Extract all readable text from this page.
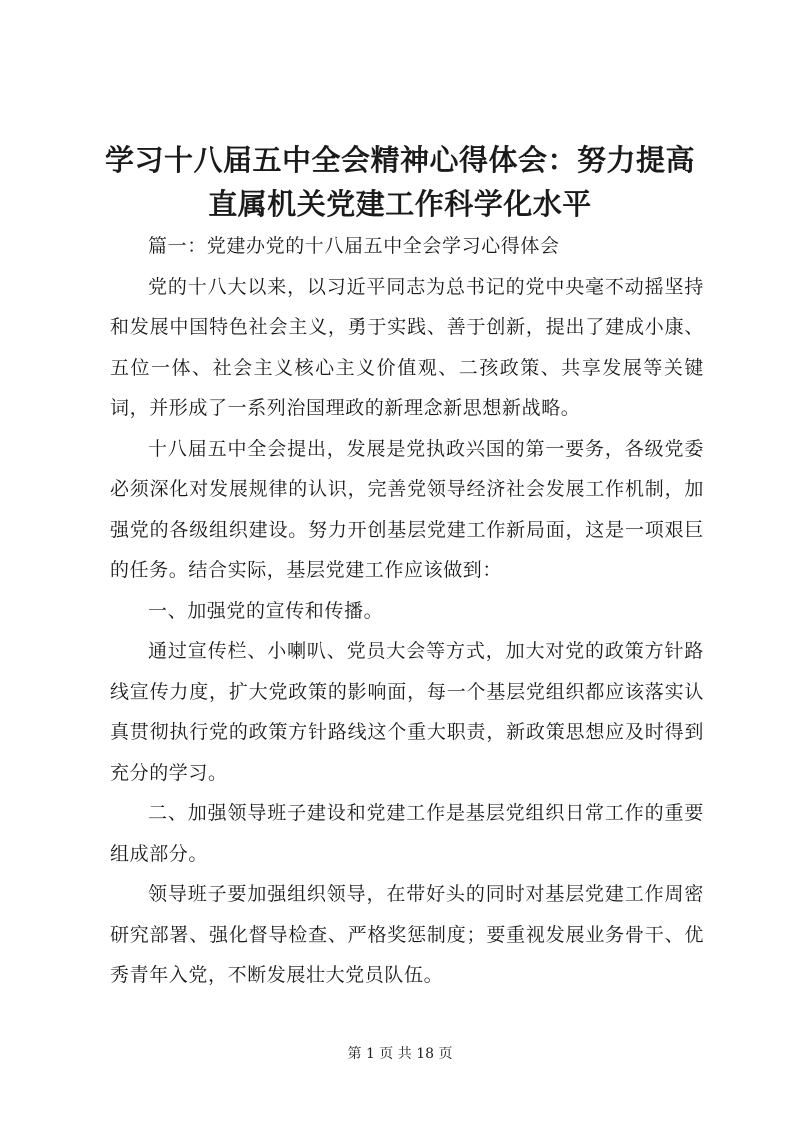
学习十八届五中全会精神心得体会：努力提高
直属机关党建工作科学化水平

篇一：党建办党的十八届五中全会学习心得体会

党的十八大以来，以习近平同志为总书记的党中央毫不动摇坚持和发展中国特色社会主义，勇于实践、善于创新，提出了建成小康、五位一体、社会主义核心主义价值观、二孩政策、共享发展等关键词，并形成了一系列治国理政的新理念新思想新战略。

十八届五中全会提出，发展是党执政兴国的第一要务，各级党委必须深化对发展规律的认识，完善党领导经济社会发展工作机制，加强党的各级组织建设。努力开创基层党建工作新局面，这是一项艰巨的任务。结合实际，基层党建工作应该做到：

一、加强党的宣传和传播。

通过宣传栏、小喇叭、党员大会等方式，加大对党的政策方针路线宣传力度，扩大党政策的影响面，每一个基层党组织都应该落实认真贯彻执行党的政策方针路线这个重大职责，新政策思想应及时得到充分的学习。

二、加强领导班子建设和党建工作是基层党组织日常工作的重要组成部分。

领导班子要加强组织领导，在带好头的同时对基层党建工作周密研究部署、强化督导检查、严格奖惩制度；要重视发展业务骨干、优秀青年入党，不断发展壮大党员队伍。

第 1 页 共 18 页
